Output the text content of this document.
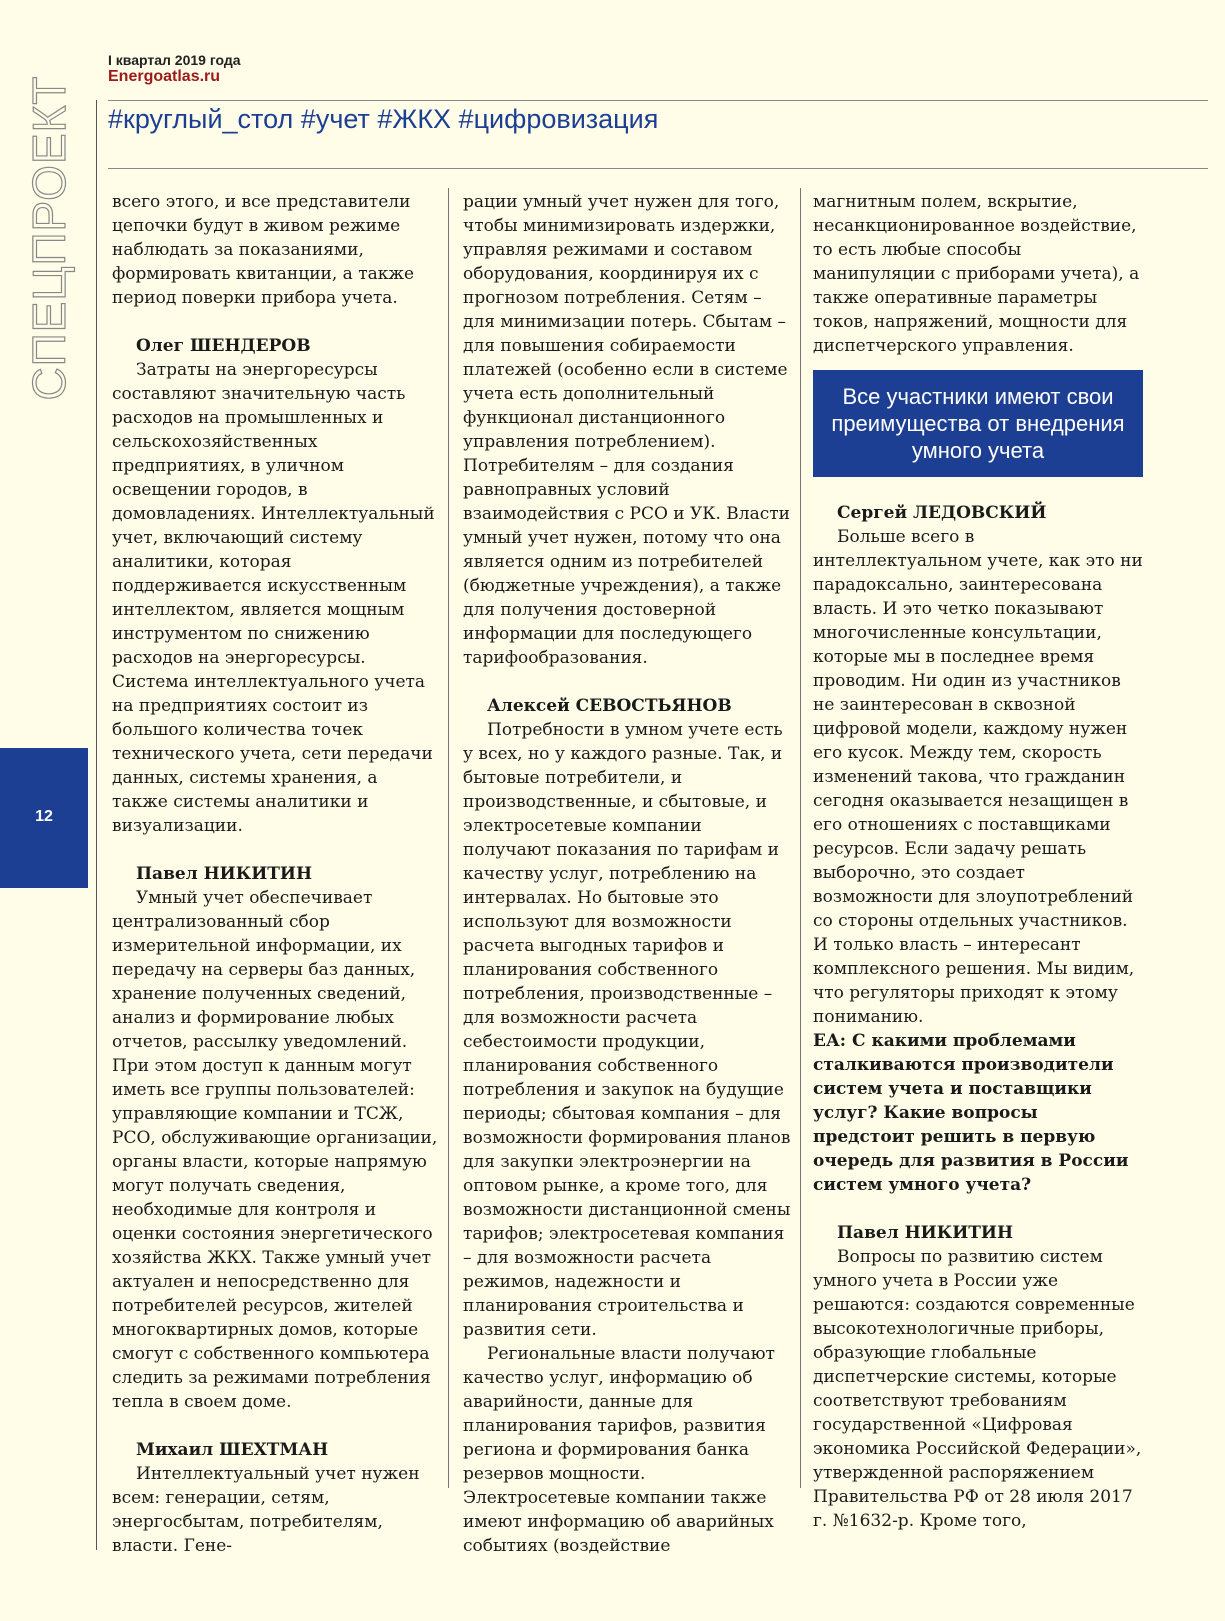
I квартал 2019 года
Energoatlas.ru
#круглый_стол #учет #ЖКХ #цифровизация
СПЕЦПРОЕКТ
12

всего этого, и все представители цепочки будут в живом режиме наблюдать за показаниями, формировать квитанции, а также период поверки прибора учета.

Олег ШЕНДЕРОВ

Затраты на энергоресурсы составляют значительную часть расходов на промышленных и сельскохозяйственных предприятиях, в уличном освещении городов, в домовладениях. Интеллектуальный учет, включающий систему аналитики, которая поддерживается искусственным интеллектом, является мощным инструментом по снижению расходов на энергоресурсы. Система интеллектуального учета на предприятиях состоит из большого количества точек технического учета, сети передачи данных, системы хранения, а также системы аналитики и визуализации.

Павел НИКИТИН

Умный учет обеспечивает централизованный сбор измерительной информации, их передачу на серверы баз данных, хранение полученных сведений, анализ и формирование любых отчетов, рассылку уведомлений. При этом доступ к данным могут иметь все группы пользователей: управляющие компании и ТСЖ, РСО, обслуживающие организации, органы власти, которые напрямую могут получать сведения, необходимые для контроля и оценки состояния энергетического хозяйства ЖКХ. Также умный учет актуален и непосредственно для потребителей ресурсов, жителей многоквартирных домов, которые смогут с собственного компьютера следить за режимами потребления тепла в своем доме.

Михаил ШЕХТМАН

Интеллектуальный учет нужен всем: генерации, сетям, энергосбытам, потребителям, власти. Гене-

рации умный учет нужен для того, чтобы минимизировать издержки, управляя режимами и составом оборудования, координируя их с прогнозом потребления. Сетям – для минимизации потерь. Сбытам – для повышения собираемости платежей (особенно если в системе учета есть дополнительный функционал дистанционного управления потреблением). Потребителям – для создания равноправных условий взаимодействия с РСО и УК. Власти умный учет нужен, потому что она является одним из потребителей (бюджетные учреждения), а также для получения достоверной информации для последующего тарифообразования.

Алексей СЕВОСТЬЯНОВ

Потребности в умном учете есть у всех, но у каждого разные. Так, и бытовые потребители, и производственные, и сбытовые, и электросетевые компании получают показания по тарифам и качеству услуг, потреблению на интервалах. Но бытовые это используют для возможности расчета выгодных тарифов и планирования собственного потребления, производственные – для возможности расчета себестоимости продукции, планирования собственного потребления и закупок на будущие периоды; сбытовая компания – для возможности формирования планов для закупки электроэнергии на оптовом рынке, а кроме того, для возможности дистанционной смены тарифов; электросетевая компания – для возможности расчета режимов, надежности и планирования строительства и развития сети.

Региональные власти получают качество услуг, информацию об аварийности, данные для планирования тарифов, развития региона и формирования банка резервов мощности. Электросетевые компании также имеют информацию об аварийных событиях (воздействие

магнитным полем, вскрытие, несанкционированное воздействие, то есть любые способы манипуляции с приборами учета), а также оперативные параметры токов, напряжений, мощности для диспетчерского управления.

Все участники имеют свои преимущества от внедрения умного учета

Сергей ЛЕДОВСКИЙ

Больше всего в интеллектуальном учете, как это ни парадоксально, заинтересована власть. И это четко показывают многочисленные консультации, которые мы в последнее время проводим. Ни один из участников не заинтересован в сквозной цифровой модели, каждому нужен его кусок. Между тем, скорость изменений такова, что гражданин сегодня оказывается незащищен в его отношениях с поставщиками ресурсов. Если задачу решать выборочно, это создает возможности для злоупотреблений со стороны отдельных участников. И только власть – интересант комплексного решения. Мы видим, что регуляторы приходят к этому пониманию.

ЕА: С какими проблемами сталкиваются производители систем учета и поставщики услуг? Какие вопросы предстоит решить в первую очередь для развития в России систем умного учета?

Павел НИКИТИН

Вопросы по развитию систем умного учета в России уже решаются: создаются современные высокотехнологичные приборы, образующие глобальные диспетчерские системы, которые соответствуют требованиям государственной «Цифровая экономика Российской Федерации», утвержденной распоряжением Правительства РФ от 28 июля 2017 г. №1632-р. Кроме того,
